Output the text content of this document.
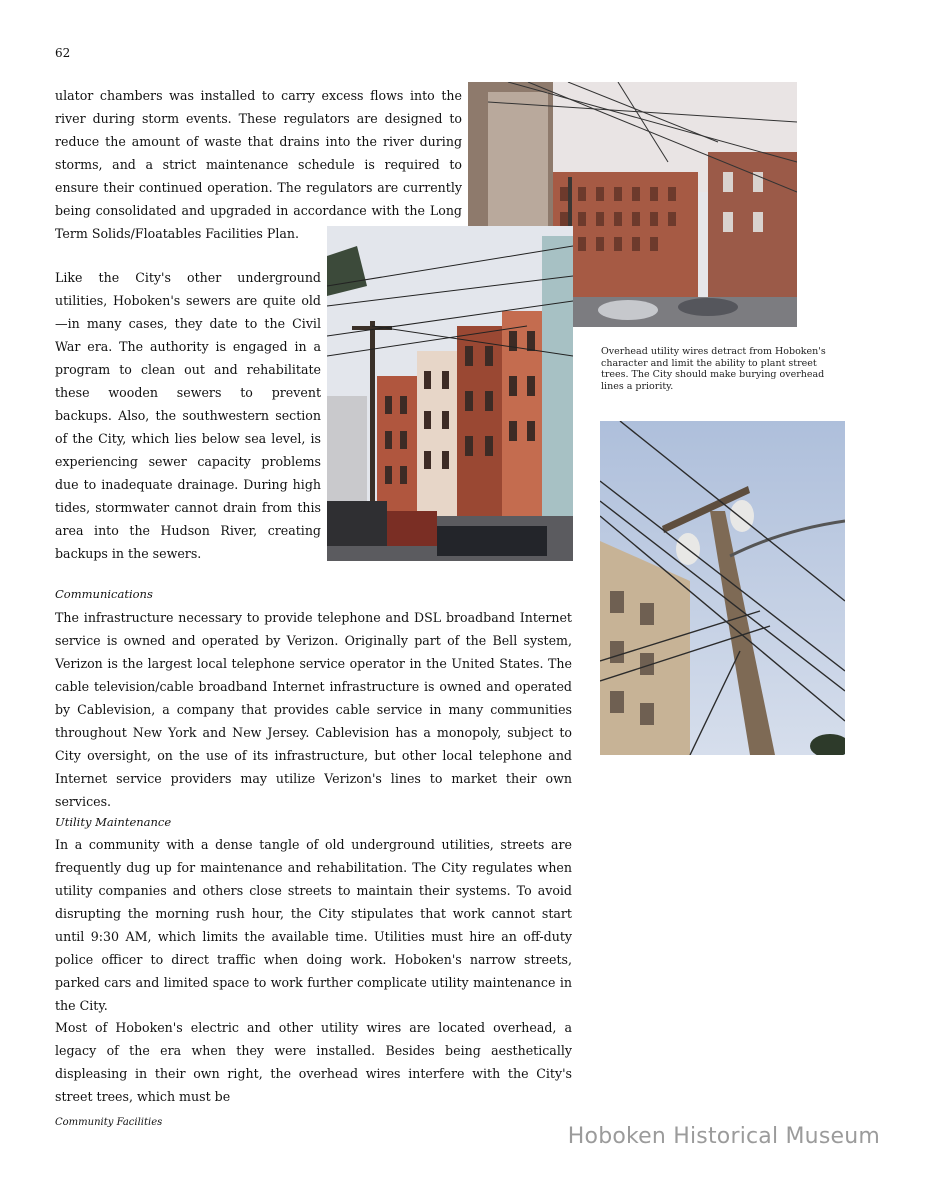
62
Overhead utility wires detract from Hoboken's character and limit the ability to plant street trees. The City should make burying overhead lines a priority.

ulator chambers was installed to carry excess flows into the river during storm events. These regulators are designed to reduce the amount of waste that drains into the river during storms, and a strict maintenance schedule is required to ensure their continued operation. The regulators are currently being consolidated and upgraded in accordance with the Long Term Solids/Floatables Facilities Plan.

Like the City's other underground utilities, Hoboken's sewers are quite old—in many cases, they date to the Civil War era. The authority is engaged in a program to clean out and rehabilitate these wooden sewers to prevent backups. Also, the southwestern section of the City, which lies below sea level, is experiencing sewer capacity problems due to inadequate drainage. During high tides, stormwater cannot drain from this area into the Hudson River, creating backups in the sewers.

Communications

The infrastructure necessary to provide telephone and DSL broadband Internet service is owned and operated by Verizon. Originally part of the Bell system, Verizon is the largest local telephone service operator in the United States. The cable television/cable broadband Internet infrastructure is owned and operated by Cablevision, a company that provides cable service in many communities throughout New York and New Jersey. Cablevision has a monopoly, subject to City oversight, on the use of its infrastructure, but other local telephone and Internet service providers may utilize Verizon's lines to market their own services.

Utility Maintenance

In a community with a dense tangle of old underground utilities, streets are frequently dug up for maintenance and rehabilitation. The City regulates when utility companies and others close streets to maintain their systems. To avoid disrupting the morning rush hour, the City stipulates that work cannot start until 9:30 AM, which limits the available time. Utilities must hire an off-duty police officer to direct traffic when doing work. Hoboken's narrow streets, parked cars and limited space to work further complicate utility maintenance in the City.

Most of Hoboken's electric and other utility wires are located overhead, a legacy of the era when they were installed. Besides being aesthetically displeasing in their own right, the overhead wires interfere with the City's street trees, which must be

Community Facilities
Hoboken Historical Museum
